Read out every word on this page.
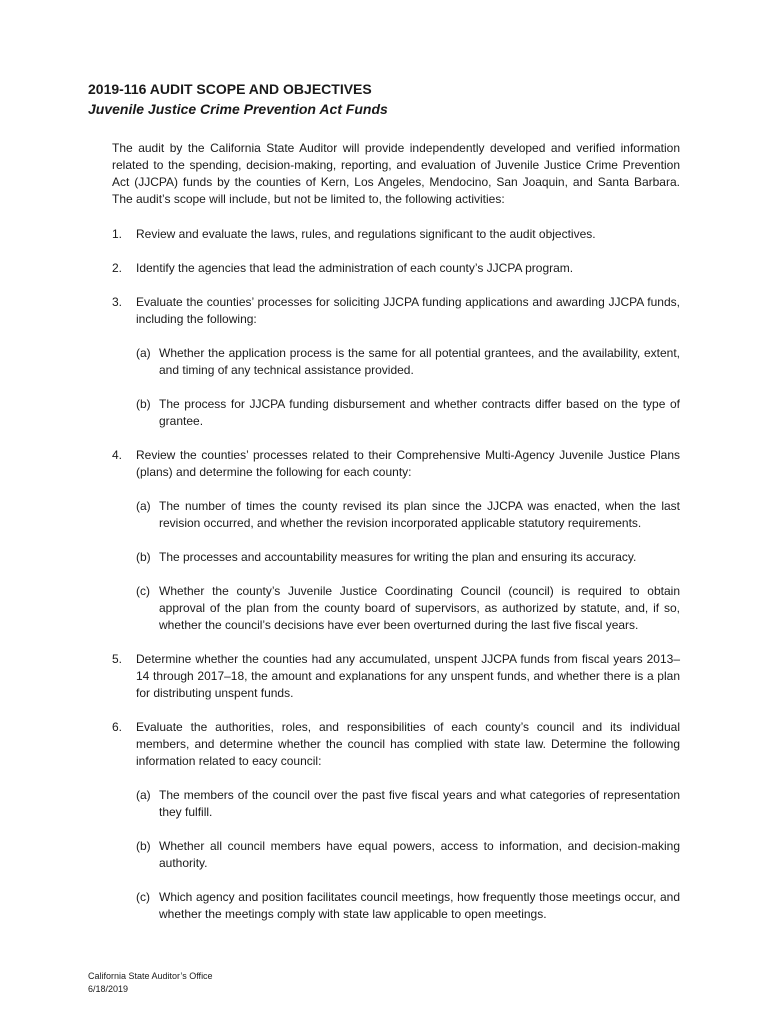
2019-116 AUDIT SCOPE AND OBJECTIVES
Juvenile Justice Crime Prevention Act Funds

The audit by the California State Auditor will provide independently developed and verified information related to the spending, decision-making, reporting, and evaluation of Juvenile Justice Crime Prevention Act (JJCPA) funds by the counties of Kern, Los Angeles, Mendocino, San Joaquin, and Santa Barbara. The audit’s scope will include, but not be limited to, the following activities:

1. Review and evaluate the laws, rules, and regulations significant to the audit objectives.
2. Identify the agencies that lead the administration of each county’s JJCPA program.
3. Evaluate the counties’ processes for soliciting JJCPA funding applications and awarding JJCPA funds, including the following:
(a) Whether the application process is the same for all potential grantees, and the availability, extent, and timing of any technical assistance provided.
(b) The process for JJCPA funding disbursement and whether contracts differ based on the type of grantee.
4. Review the counties’ processes related to their Comprehensive Multi-Agency Juvenile Justice Plans (plans) and determine the following for each county:
(a) The number of times the county revised its plan since the JJCPA was enacted, when the last revision occurred, and whether the revision incorporated applicable statutory requirements.
(b) The processes and accountability measures for writing the plan and ensuring its accuracy.
(c) Whether the county’s Juvenile Justice Coordinating Council (council) is required to obtain approval of the plan from the county board of supervisors, as authorized by statute, and, if so, whether the council’s decisions have ever been overturned during the last five fiscal years.
5. Determine whether the counties had any accumulated, unspent JJCPA funds from fiscal years 2013–14 through 2017–18, the amount and explanations for any unspent funds, and whether there is a plan for distributing unspent funds.
6. Evaluate the authorities, roles, and responsibilities of each county’s council and its individual members, and determine whether the council has complied with state law. Determine the following information related to eacy council:
(a) The members of the council over the past five fiscal years and what categories of representation they fulfill.
(b) Whether all council members have equal powers, access to information, and decision-making authority.
(c) Which agency and position facilitates council meetings, how frequently those meetings occur, and whether the meetings comply with state law applicable to open meetings.
California State Auditor’s Office
6/18/2019
